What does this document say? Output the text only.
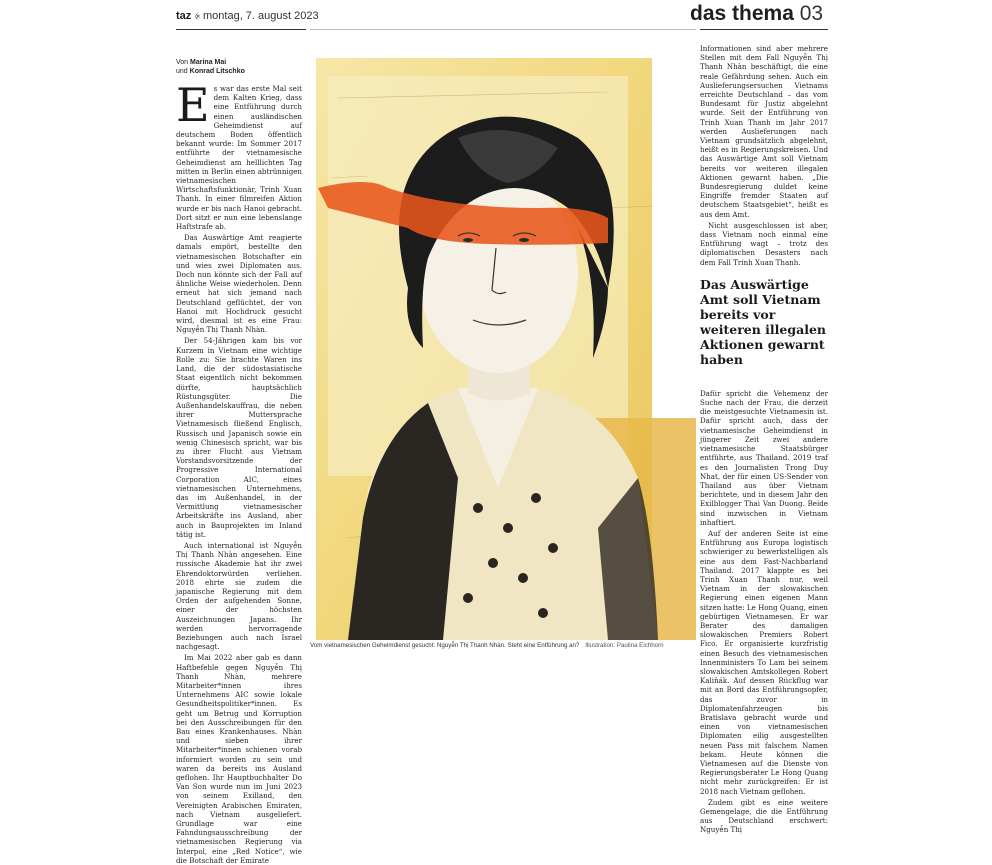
taz ⨴ montag, 7. august 2023	das thema 03
Von Marina Mai
und Konrad Litschko

Es war das erste Mal seit dem Kalten Krieg, dass eine Entführung durch einen ausländischen Geheimdienst auf deutschem Boden öffentlich bekannt wurde: Im Sommer 2017 entführte der vietnamesische Geheimdienst am helllichten Tag mitten in Berlin einen abtrünnigen vietnamesischen Wirtschaftsfunktionär, Trinh Xuan Thanh. In einer filmreifen Aktion wurde er bis nach Hanoi gebracht. Dort sitzt er nun eine lebenslange Haftstrafe ab.

Das Auswärtige Amt reagierte damals empört, bestellte den vietnamesischen Botschafter ein und wies zwei Diplomaten aus. Doch nun könnte sich der Fall auf ähnliche Weise wiederholen. Denn erneut hat sich jemand nach Deutschland geflüchtet, der von Hanoi mit Hochdruck gesucht wird, diesmal ist es eine Frau: Nguyễn Thị Thanh Nhàn.

Der 54-Jährigen kam bis vor Kurzem in Vietnam eine wichtige Rolle zu: Sie brachte Waren ins Land, die der südostasiatische Staat eigentlich nicht bekommen dürfte, hauptsächlich Rüstungsgüter. Die Außenhandelskauffrau, die neben ihrer Muttersprache Vietnamesisch fließend Englisch, Russisch und Japanisch sowie ein wenig Chinesisch spricht, war bis zu ihrer Flucht aus Vietnam Vorstandsvorsitzende der Progressive International Corporation AIC, eines vietnamesischen Unternehmens, das im Außenhandel, in der Vermittlung vietnamesischer Arbeitskräfte ins Ausland, aber auch in Bauprojekten im Inland tätig ist.

Auch international ist Nguyễn Thị Thanh Nhàn angesehen. Eine russische Akademie hat ihr zwei Ehrendoktorwürden verliehen. 2018 ehrte sie zudem die japanische Regierung mit dem Orden der aufgehenden Sonne, einer der höchsten Auszeichnungen Japans. Ihr werden hervorragende Beziehungen auch nach Israel nachgesagt.

Im Mai 2022 aber gab es dann Haftbefehle gegen Nguyễn Thị Thanh Nhàn, mehrere Mitarbeiter*innen ihres Unternehmens AIC sowie lokale Gesundheitspolitiker*innen. Es geht um Betrug und Korruption bei den Ausschreibungen für den Bau eines Krankenhauses. Nhàn und sieben ihrer Mitarbeiter*innen schienen vorab informiert worden zu sein und waren da bereits ins Ausland geflohen. Ihr Hauptbuchhalter Do Van Son wurde nun im Juni 2023 von seinem Exilland, den Vereinigten Arabischen Emiraten, nach Vietnam ausgeliefert. Grundlage war eine Fahndungsausschreibung der vietnamesischen Regierung via Interpol, eine „Red Notice“, wie die Botschaft der Emirate

Vom vietnamesischen Geheimdienst gesucht: Nguyễn Thị Thanh Nhàn. Steht eine Entführung an? Illustration: Paulina Eichhorn

Informationen sind aber mehrere Stellen mit dem Fall Nguyễn Thị Thanh Nhàn beschäftigt, die eine reale Gefährdung sehen. Auch ein Auslieferungsersuchen Vietnams erreichte Deutschland – das vom Bundesamt für Justiz abgelehnt wurde. Seit der Entführung von Trinh Xuan Thanh im Jahr 2017 werden Auslieferungen nach Vietnam grundsätzlich abgelehnt, heißt es in Regierungskreisen. Und das Auswärtige Amt soll Vietnam bereits vor weiteren illegalen Aktionen gewarnt haben. „Die Bundesregierung duldet keine Eingriffe fremder Staaten auf deutschem Staatsgebiet“, heißt es aus dem Amt.

Nicht ausgeschlossen ist aber, dass Vietnam noch einmal eine Entführung wagt – trotz des diplomatischen Desasters nach dem Fall Trinh Xuan Thanh.

Das Auswärtige Amt soll Vietnam bereits vor weiteren illegalen Aktionen gewarnt haben

Dafür spricht die Vehemenz der Suche nach der Frau, die derzeit die meistgesuchte Vietnamesin ist. Dafür spricht auch, dass der vietnamesische Geheimdienst in jüngerer Zeit zwei andere vietnamesische Staatsbürger entführte, aus Thailand. 2019 traf es den Journalisten Trong Duy Nhat, der für einen US-Sender von Thailand aus über Vietnam berichtete, und in diesem Jahr den Exilblogger Thai Van Duong. Beide sind inzwischen in Vietnam inhaftiert.

Auf der anderen Seite ist eine Entführung aus Europa logistisch schwieriger zu bewerkstelligen als eine aus dem Fast-Nachbarland Thailand. 2017 klappte es bei Trinh Xuan Thanh nur, weil Vietnam in der slowakischen Regierung einen eigenen Mann sitzen hatte: Le Hong Quang, einen gebürtigen Vietnamesen. Er war Berater des damaligen slowakischen Premiers Robert Fico. Er organisierte kurzfristig einen Besuch des vietnamesischen Innenministers To Lam bei seinem slowakischen Amtskollegen Robert Kaliňák. Auf dessen Rückflug war mit an Bord das Entführungsopfer, das zuvor in Diplomatenfahrzeugen bis Bratislava gebracht wurde und einen von vietnamesischen Diplomaten eilig ausgestellten neuen Pass mit falschem Namen bekam. Heute können die Vietnamesen auf die Dienste von Regierungsberater Le Hong Quang nicht mehr zurückgreifen: Er ist 2018 nach Vietnam geflohen.

Zudem gibt es eine weitere Gemengelage, die die Entführung aus Deutschland erschwert: Nguyễn Thị
